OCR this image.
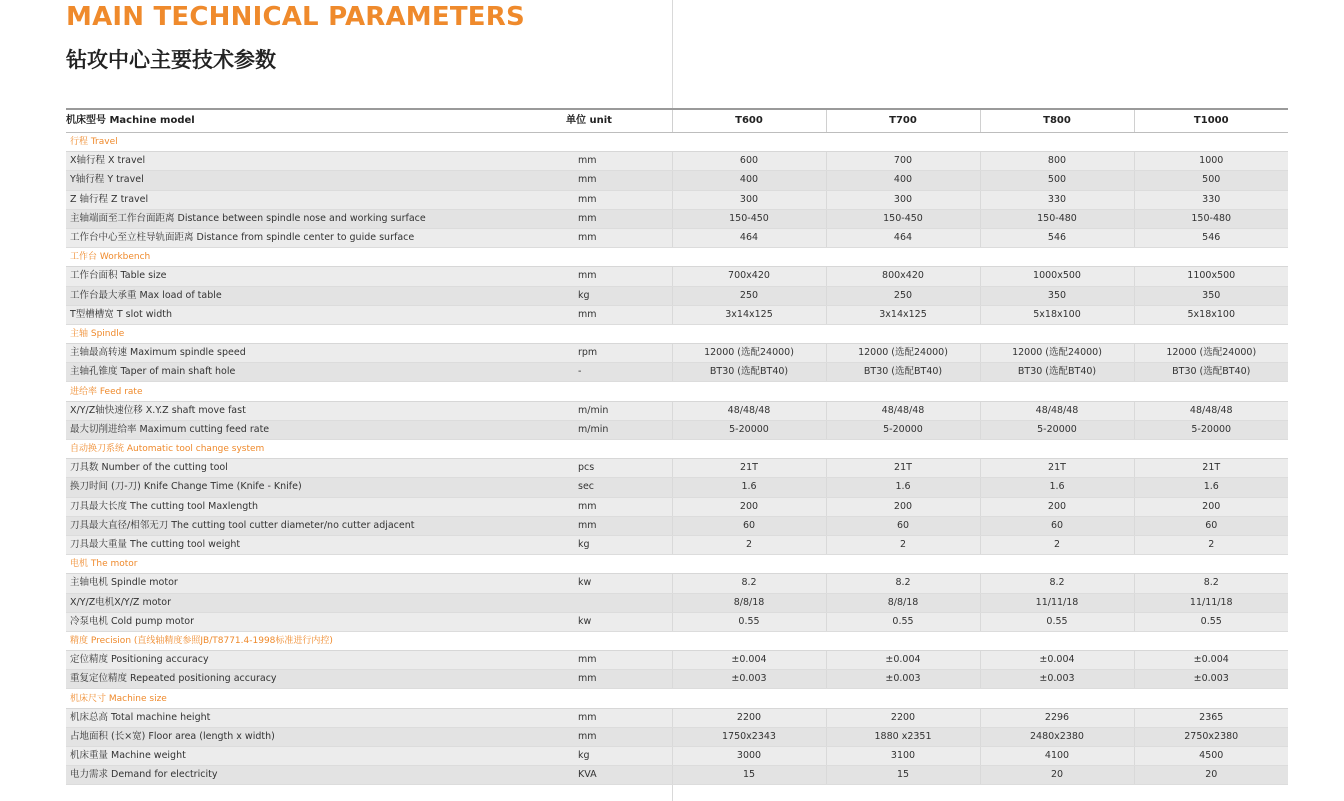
MAIN TECHNICAL PARAMETERS
钻攻中心主要技术参数
机床型号 Machine model	单位 unit	T600	T700	T800	T1000
行程 Travel					
X轴行程 X travel	mm	600	700	800	1000
Y轴行程 Y travel	mm	400	400	500	500
Z 轴行程 Z travel	mm	300	300	330	330
主轴端面至工作台面距离 Distance between spindle nose and working surface	mm	150-450	150-450	150-480	150-480
工作台中心至立柱导轨面距离 Distance from spindle center to guide surface	mm	464	464	546	546
工作台 Workbench					
工作台面积 Table size	mm	700x420	800x420	1000x500	1100x500
工作台最大承重 Max load of table	kg	250	250	350	350
T型槽槽宽 T slot width	mm	3x14x125	3x14x125	5x18x100	5x18x100
主轴 Spindle					
主轴最高转速 Maximum spindle speed	rpm	12000 (选配24000)	12000 (选配24000)	12000 (选配24000)	12000 (选配24000)
主轴孔锥度 Taper of main shaft hole	-	BT30 (选配BT40)	BT30 (选配BT40)	BT30 (选配BT40)	BT30 (选配BT40)
进给率 Feed rate					
X/Y/Z轴快速位移 X.Y.Z shaft move fast	m/min	48/48/48	48/48/48	48/48/48	48/48/48
最大切削进给率 Maximum cutting feed rate	m/min	5-20000	5-20000	5-20000	5-20000
自动换刀系统 Automatic tool change system					
刀具数 Number of the cutting tool	pcs	21T	21T	21T	21T
换刀时间 (刀-刀) Knife Change Time (Knife - Knife)	sec	1.6	1.6	1.6	1.6
刀具最大长度 The cutting tool Maxlength	mm	200	200	200	200
刀具最大直径/相邻无刀 The cutting tool cutter diameter/no cutter adjacent	mm	60	60	60	60
刀具最大重量 The cutting tool weight	kg	2	2	2	2
电机 The motor					
主轴电机 Spindle motor	kw	8.2	8.2	8.2	8.2
X/Y/Z电机X/Y/Z motor		8/8/18	8/8/18	11/11/18	11/11/18
冷泵电机 Cold pump motor	kw	0.55	0.55	0.55	0.55
精度 Precision (直线轴精度参照JB/T8771.4-1998标准进行内控)					
定位精度 Positioning accuracy	mm	±0.004	±0.004	±0.004	±0.004
重复定位精度 Repeated positioning accuracy	mm	±0.003	±0.003	±0.003	±0.003
机床尺寸 Machine size					
机床总高 Total machine height	mm	2200	2200	2296	2365
占地面积 (长×宽) Floor area (length x width)	mm	1750x2343	1880 x2351	2480x2380	2750x2380
机床重量 Machine weight	kg	3000	3100	4100	4500
电力需求 Demand for electricity	KVA	15	15	20	20
